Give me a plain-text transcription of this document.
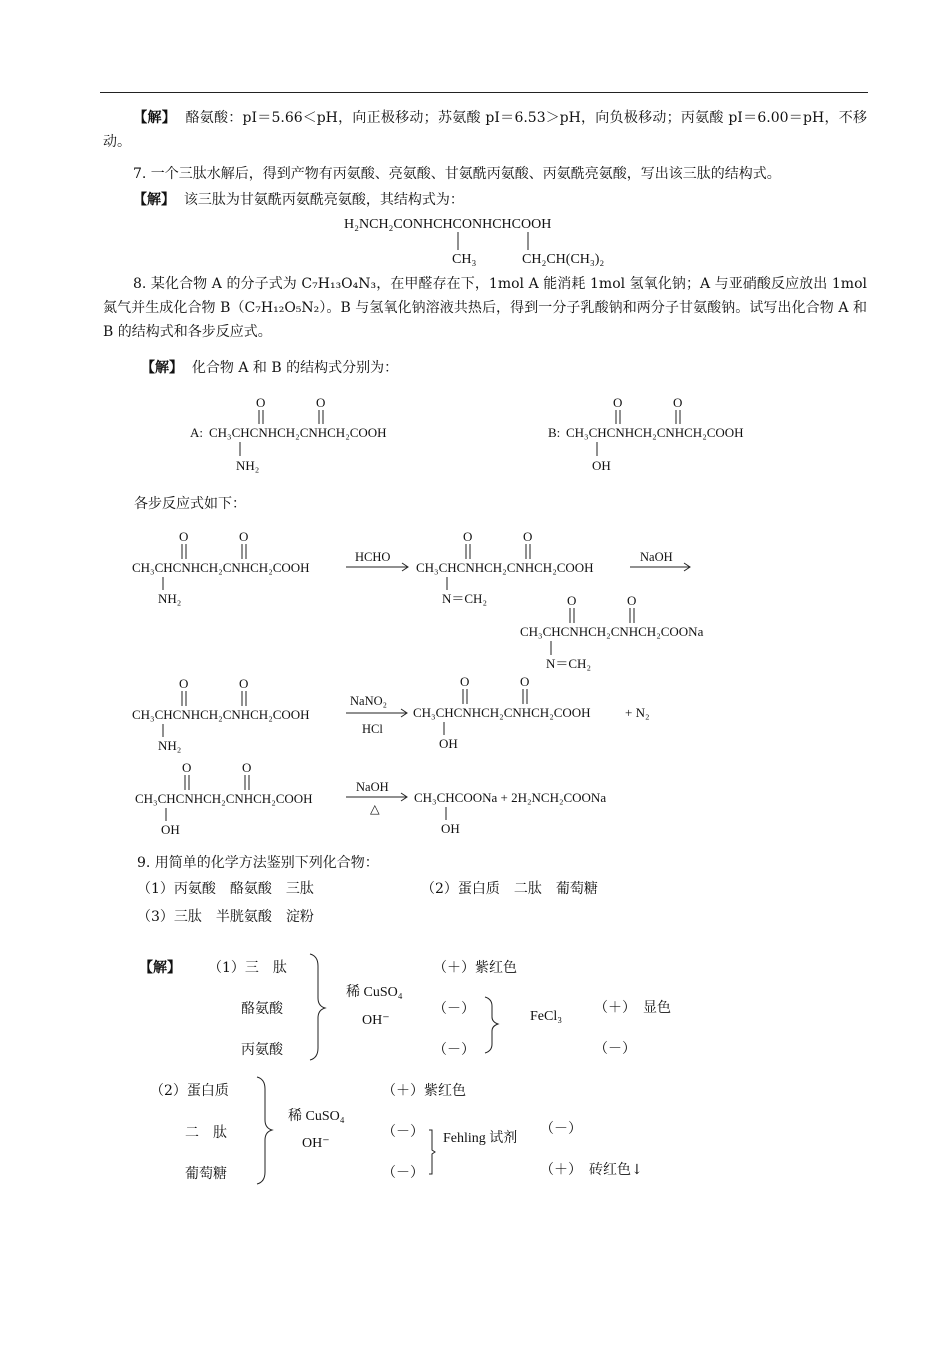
【解】 酪氨酸：pI＝5.66＜pH，向正极移动；苏氨酸 pI＝6.53＞pH，向负极移动；丙氨酸 pI＝6.00＝pH，不移动。
7. 一个三肽水解后，得到产物有丙氨酸、亮氨酸、甘氨酰丙氨酸、丙氨酰亮氨酸，写出该三肽的结构式。
【解】 该三肽为甘氨酰丙氨酰亮氨酸，其结构式为：
H₂NCH₂CONHCHCONHCHCOOH
CH₃	CH₂CH(CH₃)₂
8. 某化合物 A 的分子式为 C₇H₁₃O₄N₃，在甲醛存在下，1mol A 能消耗 1mol 氢氧化钠；A 与亚硝酸反应放出 1mol 氮气并生成化合物 B（C₇H₁₂O₅N₂）。B 与氢氧化钠溶液共热后，得到一分子乳酸钠和两分子甘氨酸钠。试写出化合物 A 和 B 的结构式和各步反应式。
【解】 化合物 A 和 B 的结构式分别为：
A: CH₃CHCNHCH₂CNHCH₂COOH
O	O
NH₂
B: CH₃CHCNHCH₂CNHCH₂COOH
O	O
OH
CH₃CHCNHCH₂CNHCH₂COOH
O	O
NH₂
HCHO
CH₃CHCNHCH₂CNHCH₂COOH
O	O
N＝CH₂
NaOH
CH₃CHCNHCH₂CNHCH₂COONa
O	O
N＝CH₂
CH₃CHCNHCH₂CNHCH₂COOH
O	O
NH₂
NaNO₂
HCl
CH₃CHCNHCH₂CNHCH₂COOH
O	O
OH
+ N₂
CH₃CHCNHCH₂CNHCH₂COOH
O	O
OH
NaOH
△
CH₃CHCOONa + 2H₂NCH₂COONa
OH
各步反应式如下：
9. 用简单的化学方法鉴别下列化合物：
（1）丙氨酸　酪氨酸　三肽	（2）蛋白质　二肽　葡萄糖
（3）三肽　半胱氨酸　淀粉
【解】 （1）三　肽
酪氨酸
丙氨酸
稀 CuSO₄
OH⁻
（＋）紫红色
（－）
（－）
FeCl₃
（＋）　显色
（－）
（2）蛋白质
二　肽
葡萄糖
稀 CuSO₄
OH⁻
（＋）紫红色
（－）
（－）
Fehling 试剂
（－）
（＋）　砖红色↓
